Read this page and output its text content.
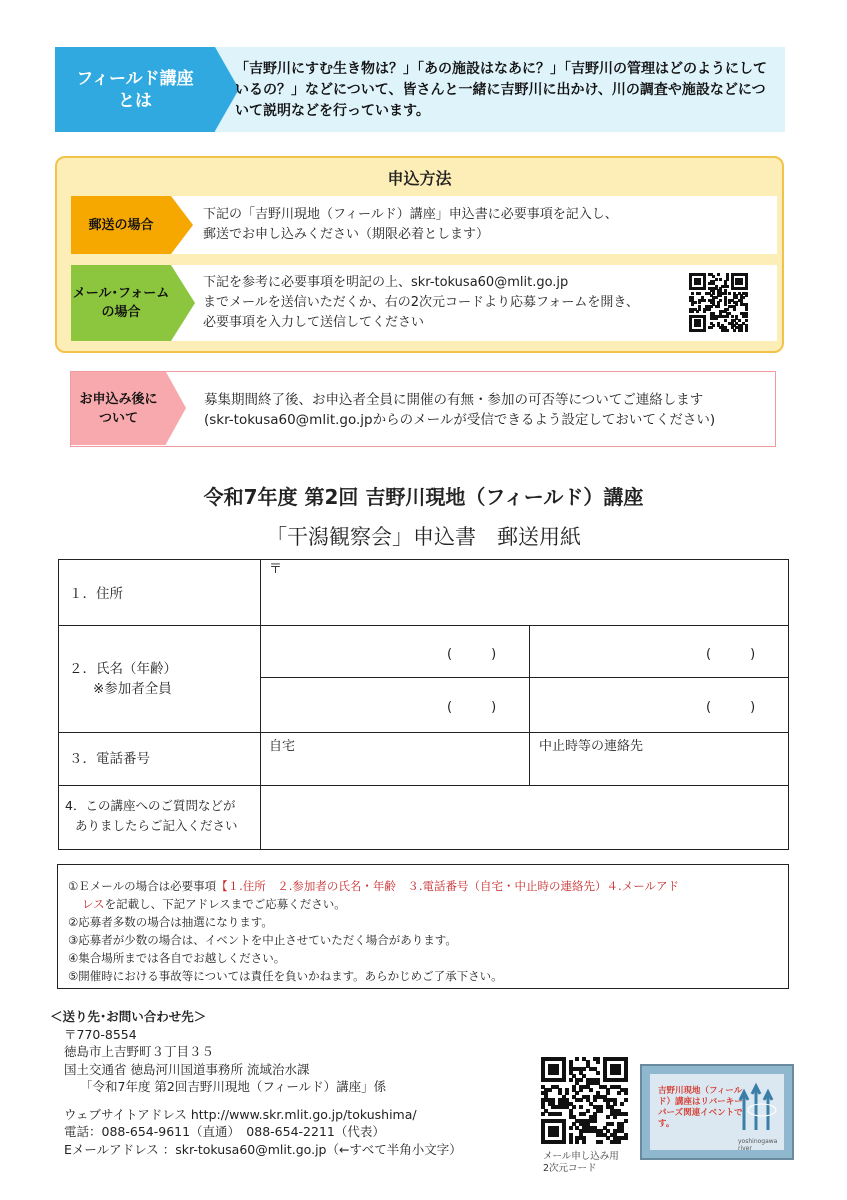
フィールド講座
とは
「吉野川にすむ生き物は？」「あの施設はなあに？」「吉野川の管理はどのようにしているの？」などについて、皆さんと一緒に吉野川に出かけ、川の調査や施設などについて説明などを行っています。
申込方法
郵送の場合
下記の「吉野川現地（フィールド）講座」申込書に必要事項を記入し、
郵送でお申し込みください（期限必着とします）
メール･フォーム
の場合
下記を参考に必要事項を明記の上、skr-tokusa60@mlit.go.jp
までメールを送信いただくか、右の2次元コードより応募フォームを開き、
必要事項を入力して送信してください
お申込み後に
ついて
募集期間終了後、お申込者全員に開催の有無・参加の可否等についてご連絡します
(skr-tokusa60@mlit.go.jpからのメールが受信できるよう設定しておいてください)
令和7年度 第2回 吉野川現地（フィールド）講座
「干潟観察会」申込書　郵送用紙
１．住所
〒
２．氏名（年齢）
※参加者全員
(　　　)	(　　　)
(　　　)	(　　　)
３．電話番号
自宅	中止時等の連絡先
4．この講座へのご質問などが
ありましたらご記入ください
①Ｅメールの場合は必要事項【１.住所　２.参加者の氏名・年齢　３.電話番号（自宅・中止時の連絡先）４.メールアド
レスを記載し、下記アドレスまでご応募ください。
②応募者多数の場合は抽選になります。
③応募者が少数の場合は、イベントを中止させていただく場合があります。
④集合場所までは各自でお越しください。
⑤開催時における事故等については責任を負いかねます。あらかじめご了承下さい。
＜送り先･お問い合わせ先＞
〒770-8554
徳島市上吉野町３丁目３５
国土交通省 徳島河川国道事務所 流域治水課
「令和7年度 第2回吉野川現地（フィールド）講座」係
ウェブサイトアドレス http://www.skr.mlit.go.jp/tokushima/
電話：088-654-9611（直通）　088-654-2211（代表）
Eメールアドレス ：skr-tokusa60@mlit.go.jp（←すべて半角小文字）	メール申し込み用
2次元コード
吉野川現地（フィールド）講座はリバーキーパーズ関連イベントです。
yoshinogawa river
